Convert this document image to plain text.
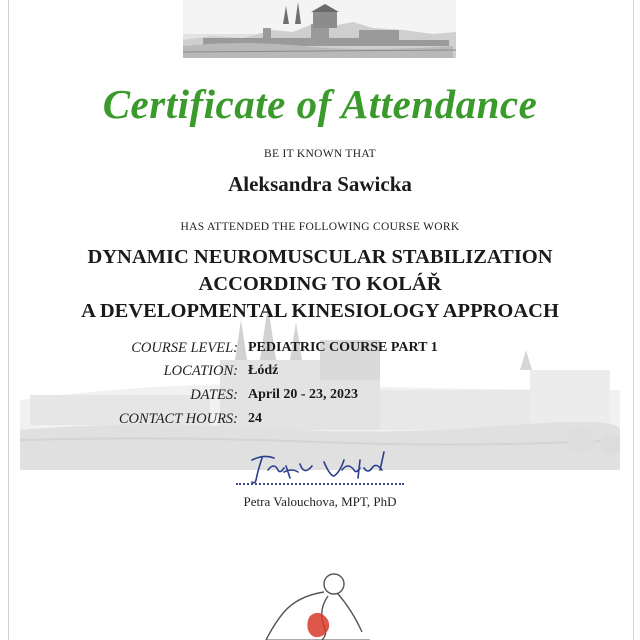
Certificate of Attendance
BE IT KNOWN THAT
Aleksandra Sawicka
HAS ATTENDED THE FOLLOWING COURSE WORK
DYNAMIC NEUROMUSCULAR STABILIZATION
ACCORDING TO KOLÁŘ
A DEVELOPMENTAL KINESIOLOGY APPROACH
COURSE LEVEL: PEDIATRIC COURSE PART 1
LOCATION: Łódź
DATES: April 20 - 23, 2023
CONTACT HOURS: 24
Petra Valouchova, MPT, PhD
